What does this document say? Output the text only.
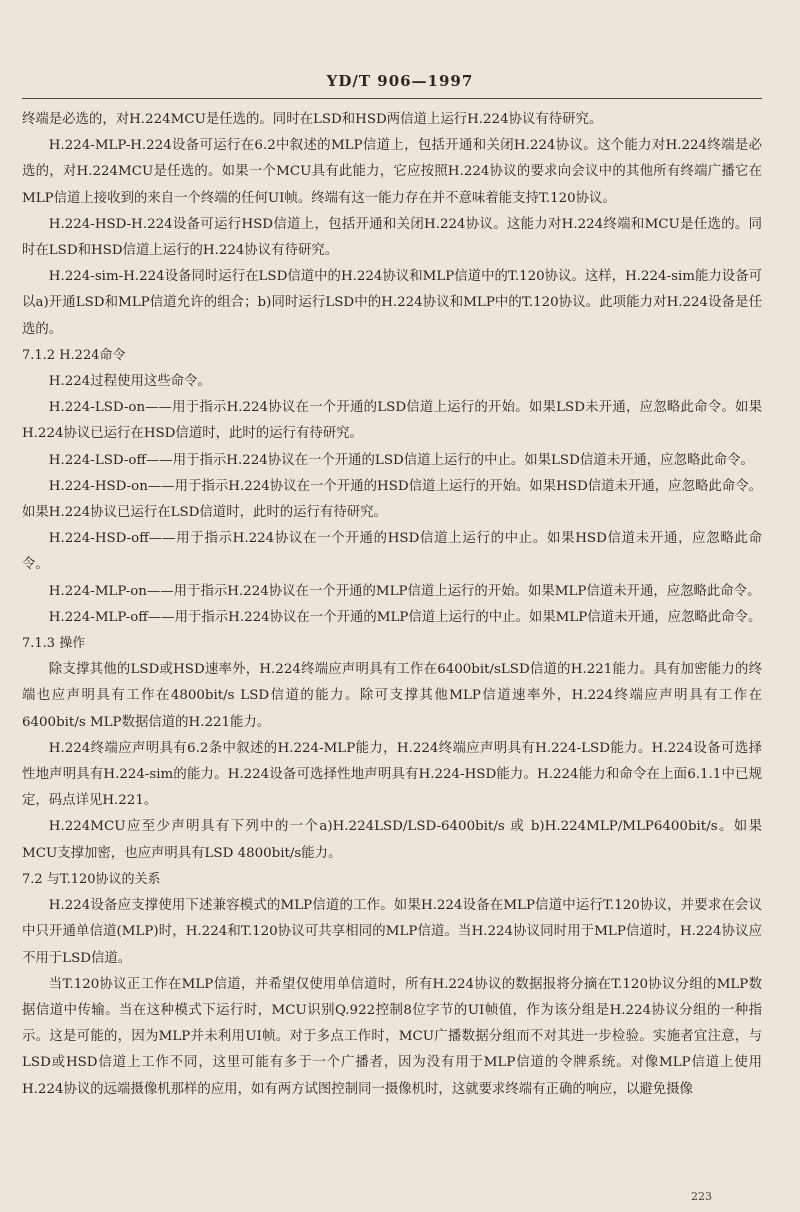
YD/T 906—1997

终端是必选的，对H.224MCU是任选的。同时在LSD和HSD两信道上运行H.224协议有待研究。

H.224-MLP-H.224设备可运行在6.2中叙述的MLP信道上，包括开通和关闭H.224协议。这个能力对H.224终端是必选的，对H.224MCU是任选的。如果一个MCU具有此能力，它应按照H.224协议的要求向会议中的其他所有终端广播它在MLP信道上接收到的来自一个终端的任何UI帧。终端有这一能力存在并不意味着能支持T.120协议。

H.224-HSD-H.224设备可运行HSD信道上，包括开通和关闭H.224协议。这能力对H.224终端和MCU是任选的。同时在LSD和HSD信道上运行的H.224协议有待研究。

H.224-sim-H.224设备同时运行在LSD信道中的H.224协议和MLP信道中的T.120协议。这样，H.224-sim能力设备可以a)开通LSD和MLP信道允许的组合；b)同时运行LSD中的H.224协议和MLP中的T.120协议。此项能力对H.224设备是任选的。

7.1.2 H.224命令

H.224过程使用这些命令。

H.224-LSD-on——用于指示H.224协议在一个开通的LSD信道上运行的开始。如果LSD未开通，应忽略此命令。如果H.224协议已运行在HSD信道时，此时的运行有待研究。

H.224-LSD-off——用于指示H.224协议在一个开通的LSD信道上运行的中止。如果LSD信道未开通，应忽略此命令。

H.224-HSD-on——用于指示H.224协议在一个开通的HSD信道上运行的开始。如果HSD信道未开通，应忽略此命令。如果H.224协议已运行在LSD信道时，此时的运行有待研究。

H.224-HSD-off——用于指示H.224协议在一个开通的HSD信道上运行的中止。如果HSD信道未开通，应忽略此命令。

H.224-MLP-on——用于指示H.224协议在一个开通的MLP信道上运行的开始。如果MLP信道未开通，应忽略此命令。

H.224-MLP-off——用于指示H.224协议在一个开通的MLP信道上运行的中止。如果MLP信道未开通，应忽略此命令。

7.1.3 操作

除支撑其他的LSD或HSD速率外，H.224终端应声明具有工作在6400bit/sLSD信道的H.221能力。具有加密能力的终端也应声明具有工作在4800bit/s LSD信道的能力。除可支撑其他MLP信道速率外，H.224终端应声明具有工作在6400bit/s MLP数据信道的H.221能力。

H.224终端应声明具有6.2条中叙述的H.224-MLP能力，H.224终端应声明具有H.224-LSD能力。H.224设备可选择性地声明具有H.224-sim的能力。H.224设备可选择性地声明具有H.224-HSD能力。H.224能力和命令在上面6.1.1中已规定，码点详见H.221。

H.224MCU应至少声明具有下列中的一个a)H.224LSD/LSD-6400bit/s 或 b)H.224MLP/MLP6400bit/s。如果MCU支撑加密，也应声明具有LSD 4800bit/s能力。

7.2 与T.120协议的关系

H.224设备应支撑使用下述兼容模式的MLP信道的工作。如果H.224设备在MLP信道中运行T.120协议，并要求在会议中只开通单信道(MLP)时，H.224和T.120协议可共享相同的MLP信道。当H.224协议同时用于MLP信道时，H.224协议应不用于LSD信道。

当T.120协议正工作在MLP信道，并希望仅使用单信道时，所有H.224协议的数据报将分摘在T.120协议分组的MLP数据信道中传输。当在这种模式下运行时，MCU识别Q.922控制8位字节的UI帧值，作为该分组是H.224协议分组的一种指示。这是可能的，因为MLP并未利用UI帧。对于多点工作时，MCU广播数据分组而不对其进一步检验。实施者宜注意，与LSD或HSD信道上工作不同，这里可能有多于一个广播者，因为没有用于MLP信道的令牌系统。对像MLP信道上使用H.224协议的远端摄像机那样的应用，如有两方试图控制同一摄像机时，这就要求终端有正确的响应，以避免摄像

223
